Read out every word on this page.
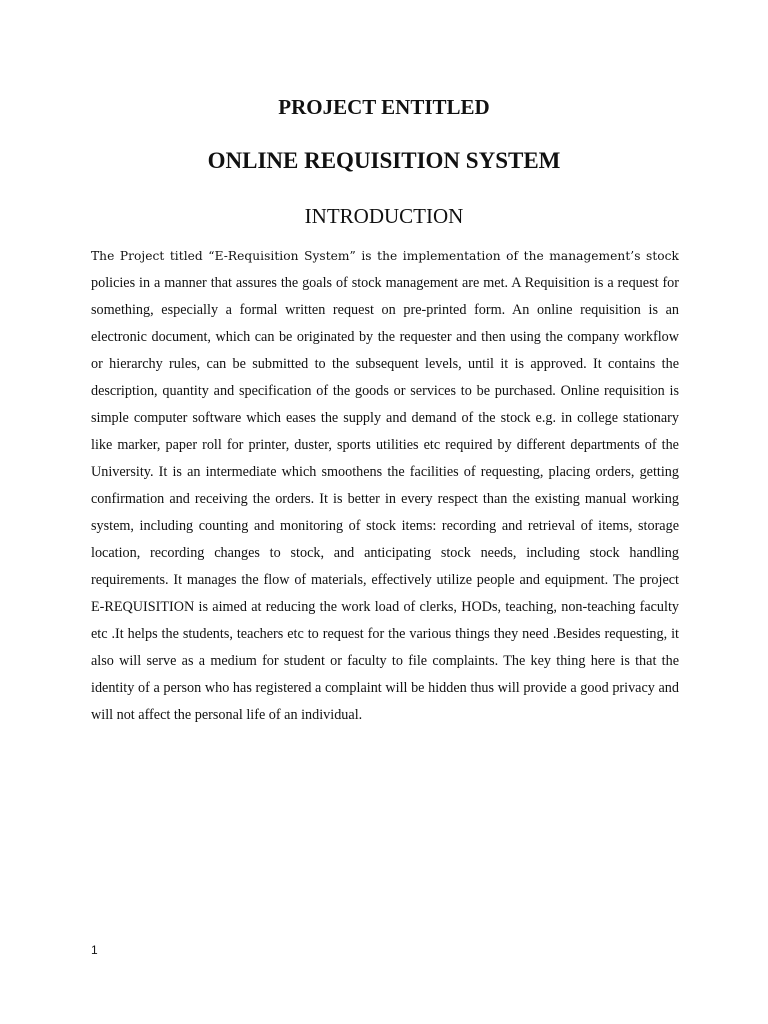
PROJECT ENTITLED
ONLINE REQUISITION SYSTEM
INTRODUCTION

The Project titled “E-Requisition System” is the implementation of the management’s stock policies in a manner that assures the goals of stock management are met. A Requisition is a request for something, especially a formal written request on pre-printed form. An online requisition is an electronic document, which can be originated by the requester and then using the company workflow or hierarchy rules, can be submitted to the subsequent levels, until it is approved. It contains the description, quantity and specification of the goods or services to be purchased. Online requisition is simple computer software which eases the supply and demand of the stock e.g. in college stationary like marker, paper roll for printer, duster, sports utilities etc required by different departments of the University. It is an intermediate which smoothens the facilities of requesting, placing orders, getting confirmation and receiving the orders. It is better in every respect than the existing manual working system, including counting and monitoring of stock items: recording and retrieval of items, storage location, recording changes to stock, and anticipating stock needs, including stock handling requirements. It manages the flow of materials, effectively utilize people and equipment. The project E-REQUISITION is aimed at reducing the work load of clerks, HODs, teaching, non-teaching faculty etc .It helps the students, teachers etc to request for the various things they need .Besides requesting, it also will serve as a medium for student or faculty to file complaints. The key thing here is that the identity of a person who has registered a complaint will be hidden thus will provide a good privacy and will not affect the personal life of an individual.

1
